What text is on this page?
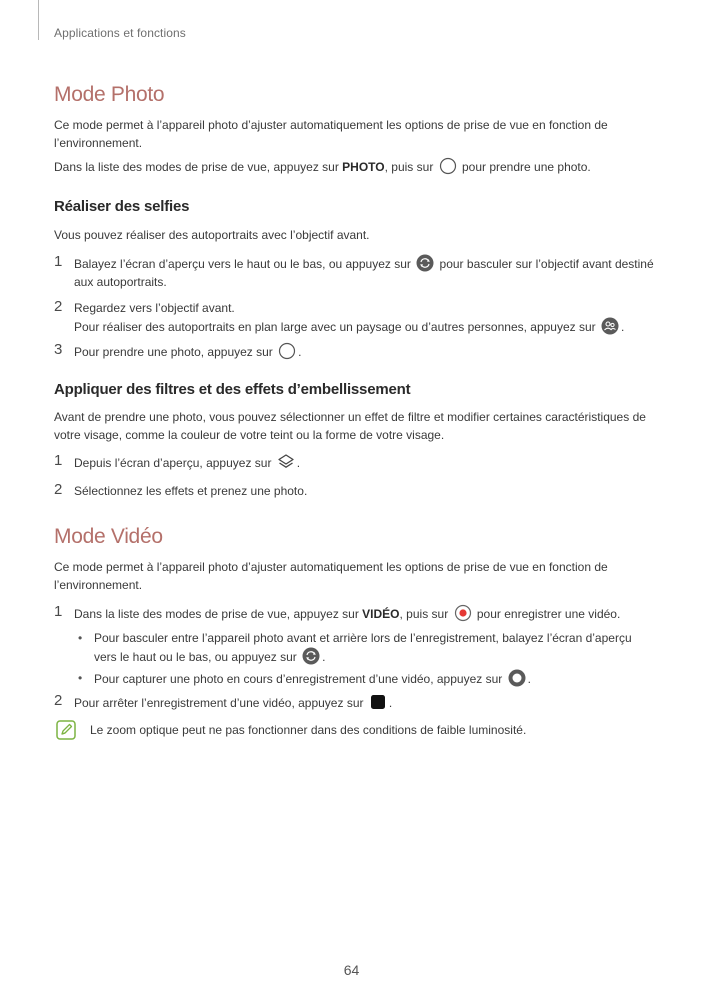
Applications et fonctions
Mode Photo

Ce mode permet à l’appareil photo d’ajuster automatiquement les options de prise de vue en fonction de l’environnement.

Dans la liste des modes de prise de vue, appuyez sur PHOTO, puis sur  pour prendre une photo.

Réaliser des selfies

Vous pouvez réaliser des autoportraits avec l’objectif avant.

1 Balayez l’écran d’aperçu vers le haut ou le bas, ou appuyez sur  pour basculer sur l’objectif avant destiné aux autoportraits.
2 Regardez vers l’objectif avant.
Pour réaliser des autoportraits en plan large avec un paysage ou d’autres personnes, appuyez sur .
3 Pour prendre une photo, appuyez sur .
Appliquer des filtres et des effets d’embellissement

Avant de prendre une photo, vous pouvez sélectionner un effet de filtre et modifier certaines caractéristiques de votre visage, comme la couleur de votre teint ou la forme de votre visage.

1 Depuis l’écran d’aperçu, appuyez sur .
2 Sélectionnez les effets et prenez une photo.
Mode Vidéo

Ce mode permet à l’appareil photo d’ajuster automatiquement les options de prise de vue en fonction de l’environnement.

1 Dans la liste des modes de prise de vue, appuyez sur VIDÉO, puis sur  pour enregistrer une vidéo.
• Pour basculer entre l’appareil photo avant et arrière lors de l’enregistrement, balayez l’écran d’aperçu vers le haut ou le bas, ou appuyez sur .
• Pour capturer une photo en cours d’enregistrement d’une vidéo, appuyez sur .
2 Pour arrêter l’enregistrement d’une vidéo, appuyez sur .
Le zoom optique peut ne pas fonctionner dans des conditions de faible luminosité.
64
